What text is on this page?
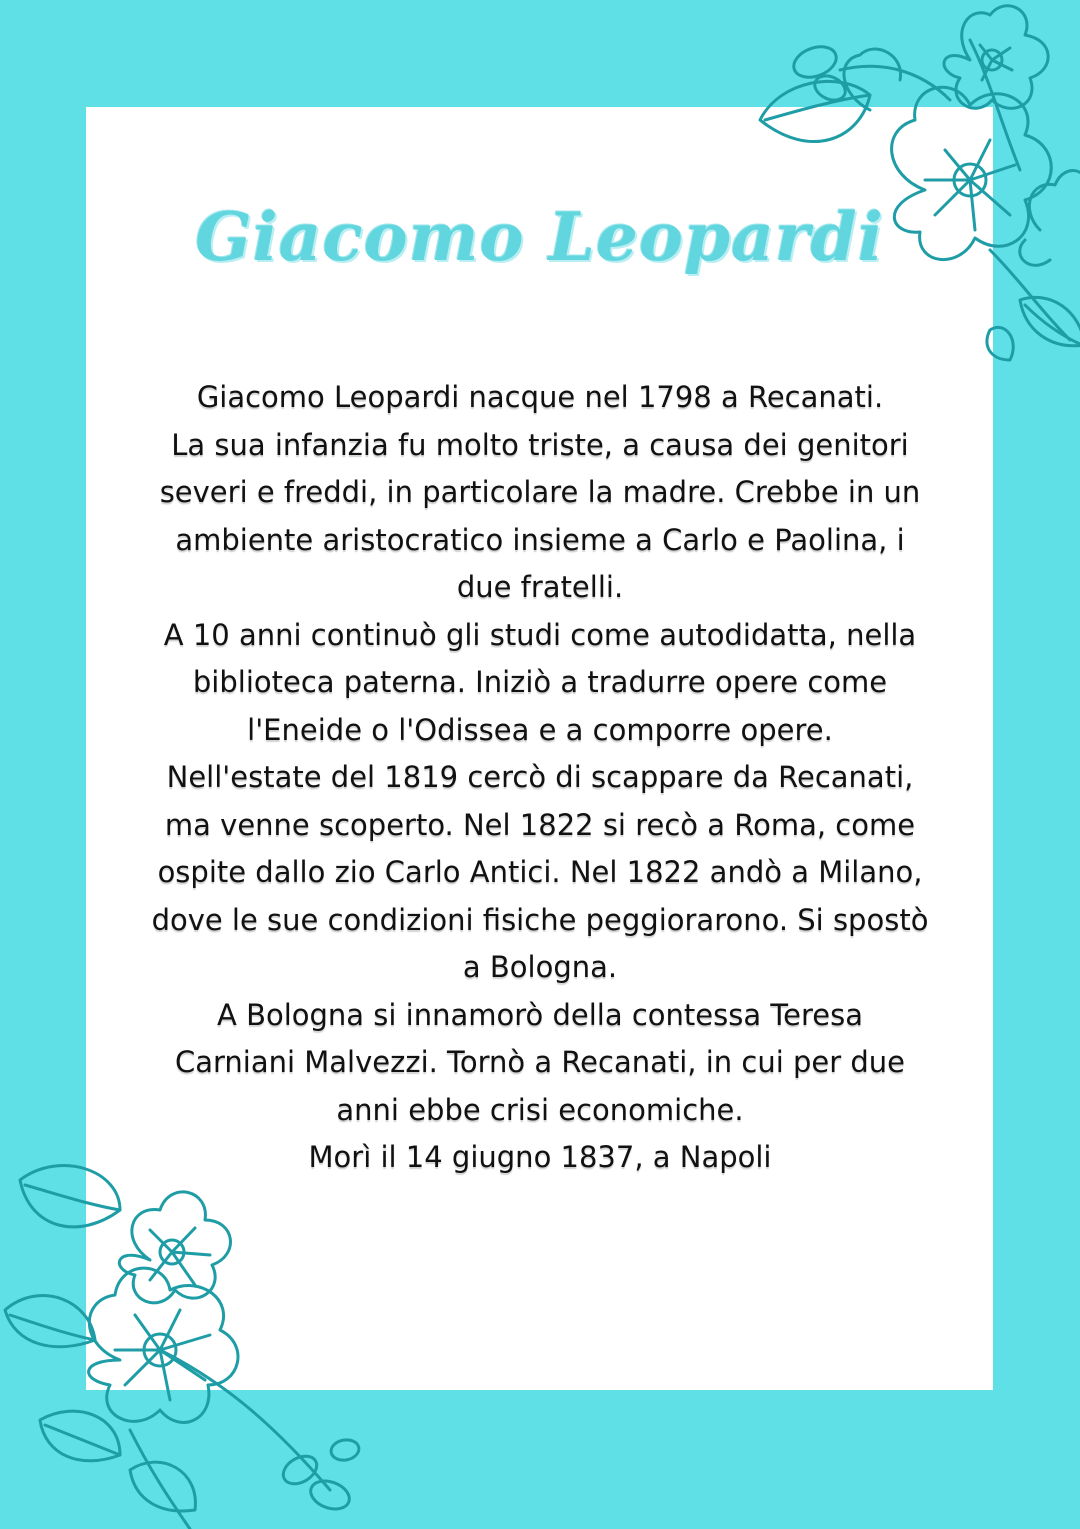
Giacomo Leopardi
Giacomo Leopardi nacque nel 1798 a Recanati.
La sua infanzia fu molto triste, a causa dei genitori
severi e freddi, in particolare la madre. Crebbe in un
ambiente aristocratico insieme a Carlo e Paolina, i
due fratelli.
A 10 anni continuò gli studi come autodidatta, nella
biblioteca paterna. Iniziò a tradurre opere come
l'Eneide o l'Odissea e a comporre opere.
Nell'estate del 1819 cercò di scappare da Recanati,
ma venne scoperto. Nel 1822 si recò a Roma, come
ospite dallo zio Carlo Antici. Nel 1822 andò a Milano,
dove le sue condizioni fisiche peggiorarono. Si spostò
a Bologna.
A Bologna si innamorò della contessa Teresa
Carniani Malvezzi. Tornò a Recanati, in cui per due
anni ebbe crisi economiche.
Morì il 14 giugno 1837, a Napoli
